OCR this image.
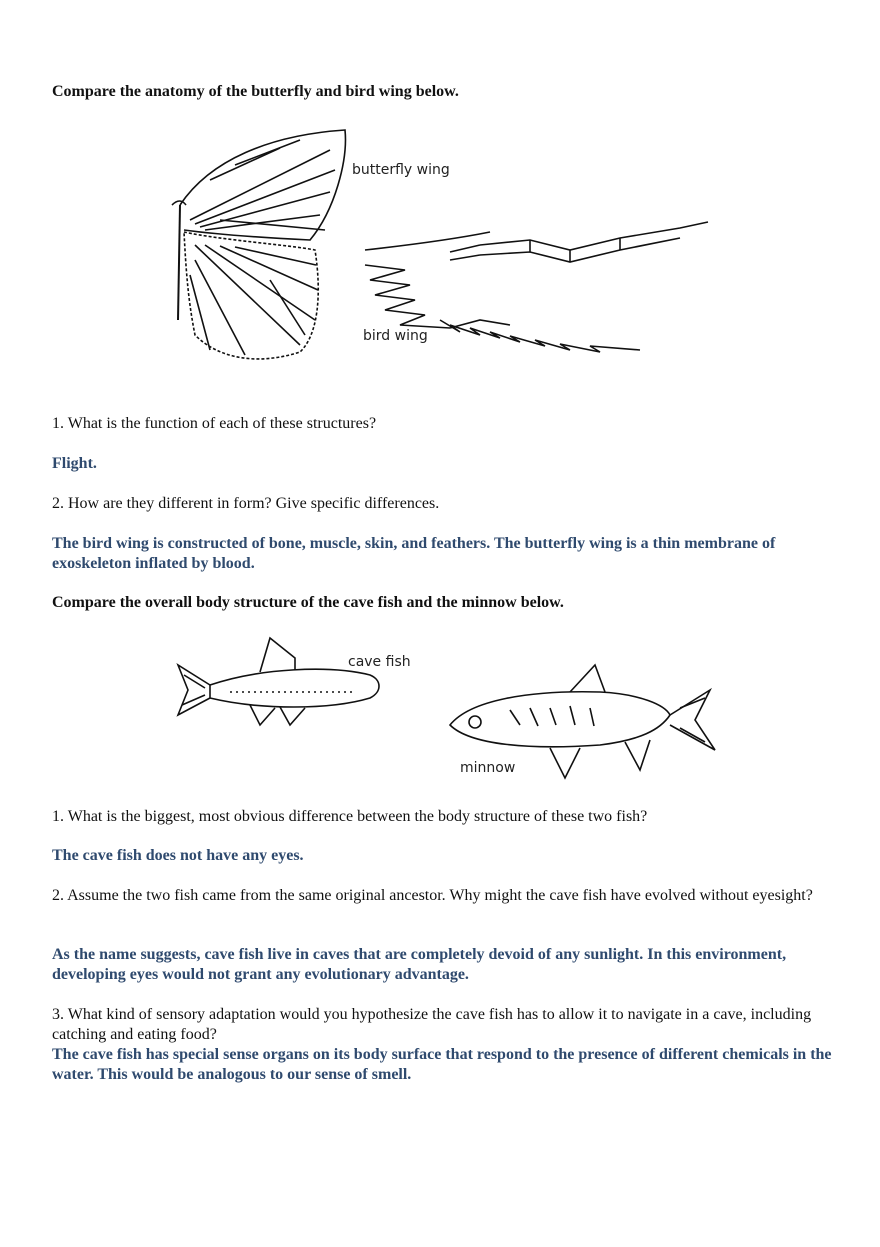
Compare the anatomy of the butterfly and bird wing below.

butterfly wing
bird wing

1. What is the function of each of these structures?

Flight.

2. How are they different in form? Give specific differences.

The bird wing is constructed of bone, muscle, skin, and feathers. The butterfly wing is a thin membrane of exoskeleton inflated by blood.

Compare the overall body structure of the cave fish and the minnow below.

cave fish
minnow

1. What is the biggest, most obvious difference between the body structure of these two fish?

The cave fish does not have any eyes.

2. Assume the two fish came from the same original ancestor. Why might the cave fish have evolved without eyesight?

As the name suggests, cave fish live in caves that are completely devoid of any sunlight. In this environment, developing eyes would not grant any evolutionary advantage.

3. What kind of sensory adaptation would you hypothesize the cave fish has to allow it to navigate in a cave, including catching and eating food?

The cave fish has special sense organs on its body surface that respond to the presence of different chemicals in the water. This would be analogous to our sense of smell.
